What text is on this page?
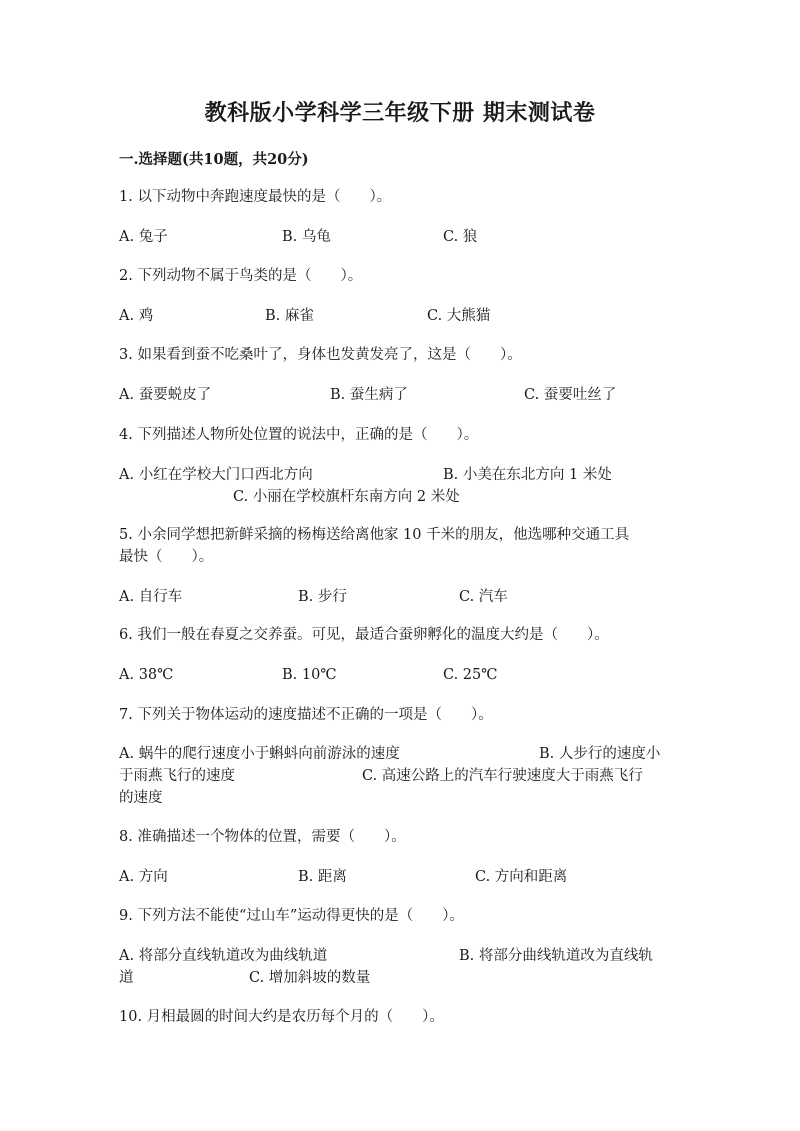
教科版小学科学三年级下册 期末测试卷
一.选择题(共10题，共20分)
1. 以下动物中奔跑速度最快的是（　　）。
A. 兔子	B. 乌龟	C. 狼
2. 下列动物不属于鸟类的是（　　）。
A. 鸡	B. 麻雀	C. 大熊猫
3. 如果看到蚕不吃桑叶了，身体也发黄发亮了，这是（　　）。
A. 蚕要蜕皮了	B. 蚕生病了	C. 蚕要吐丝了
4. 下列描述人物所处位置的说法中，正确的是（　　）。
A. 小红在学校大门口西北方向	B. 小美在东北方向 1 米处
C. 小丽在学校旗杆东南方向 2 米处
5. 小余同学想把新鲜采摘的杨梅送给离他家 10 千米的朋友，他选哪种交通工具
最快（　　）。
A. 自行车	B. 步行	C. 汽车
6. 我们一般在春夏之交养蚕。可见，最适合蚕卵孵化的温度大约是（　　）。
A. 38℃	B. 10℃	C. 25℃
7. 下列关于物体运动的速度描述不正确的一项是（　　）。
A. 蜗牛的爬行速度小于蝌蚪向前游泳的速度	B. 人步行的速度小
于雨燕飞行的速度	C. 高速公路上的汽车行驶速度大于雨燕飞行
的速度
8. 准确描述一个物体的位置，需要（　　）。
A. 方向	B. 距离	C. 方向和距离
9. 下列方法不能使“过山车”运动得更快的是（　　）。
A. 将部分直线轨道改为曲线轨道	B. 将部分曲线轨道改为直线轨
道	C. 增加斜坡的数量
10. 月相最圆的时间大约是农历每个月的（　　）。
